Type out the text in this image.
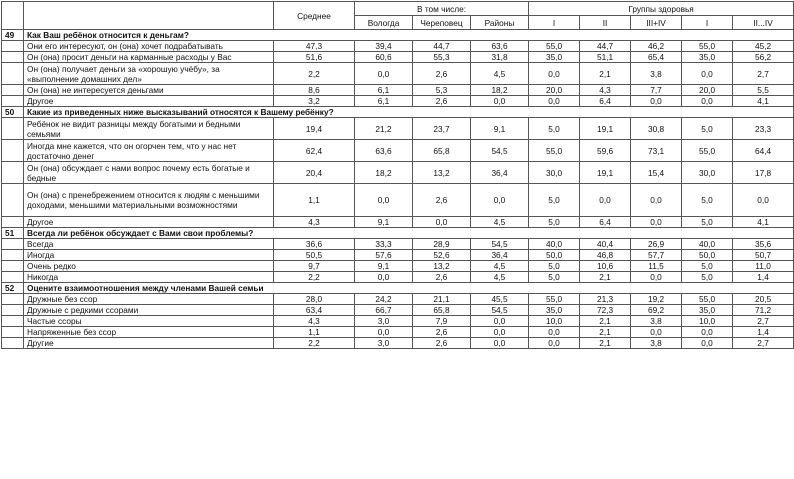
		Среднее	В том числе:			Группы здоровья				
			Вологда	Череповец	Районы	I	II	III+IV	I	II...IV
49	Как Ваш ребёнок относится к деньгам?									
	Они его интересуют, он (она) хочет подрабатывать	47,3	39,4	44,7	63,6	55,0	44,7	46,2	55,0	45,2
	Он (она) просит деньги на карманные расходы у Вас	51,6	60,6	55,3	31,8	35,0	51,1	65,4	35,0	56,2
	Он (она) получает деньги за «хорошую учёбу», за «выполнение домашних дел»	2,2	0,0	2,6	4,5	0,0	2,1	3,8	0,0	2,7
	Он (она) не интересуется деньгами	8,6	6,1	5,3	18,2	20,0	4,3	7,7	20,0	5,5
	Другое	3,2	6,1	2,6	0,0	0,0	6,4	0,0	0,0	4,1
50	Какие из приведенных ниже высказываний относятся к Вашему ребёнку?									
	Ребёнок не видит разницы между богатыми и бедными семьями	19,4	21,2	23,7	9,1	5,0	19,1	30,8	5,0	23,3
	Иногда мне кажется, что он огорчен тем, что у нас нет достаточно денег	62,4	63,6	65,8	54,5	55,0	59,6	73,1	55,0	64,4
	Он (она) обсуждает с нами вопрос почему есть богатые и бедные	20,4	18,2	13,2	36,4	30,0	19,1	15,4	30,0	17,8
	Он (она) с пренебрежением относится к людям с меньшими доходами, меньшими материальными возможностями	1,1	0,0	2,6	0,0	5,0	0,0	0,0	5,0	0,0
	Другое	4,3	9,1	0,0	4,5	5,0	6,4	0,0	5,0	4,1
51	Всегда ли ребёнок обсуждает с Вами свои проблемы?									
	Всегда	36,6	33,3	28,9	54,5	40,0	40,4	26,9	40,0	35,6
	Иногда	50,5	57,6	52,6	36,4	50,0	46,8	57,7	50,0	50,7
	Очень редко	9,7	9,1	13,2	4,5	5,0	10,6	11,5	5,0	11,0
	Никогда	2,2	0,0	2,6	4,5	5,0	2,1	0,0	5,0	1,4
52	Оцените взаимоотношения между членами Вашей семьи									
	Дружные без ссор	28,0	24,2	21,1	45,5	55,0	21,3	19,2	55,0	20,5
	Дружные с редкими ссорами	63,4	66,7	65,8	54,5	35,0	72,3	69,2	35,0	71,2
	Частые ссоры	4,3	3,0	7,9	0,0	10,0	2,1	3,8	10,0	2,7
	Напряженные без ссор	1,1	0,0	2,6	0,0	0,0	2,1	0,0	0,0	1,4
	Другие	2,2	3,0	2,6	0,0	0,0	2,1	3,8	0,0	2,7
